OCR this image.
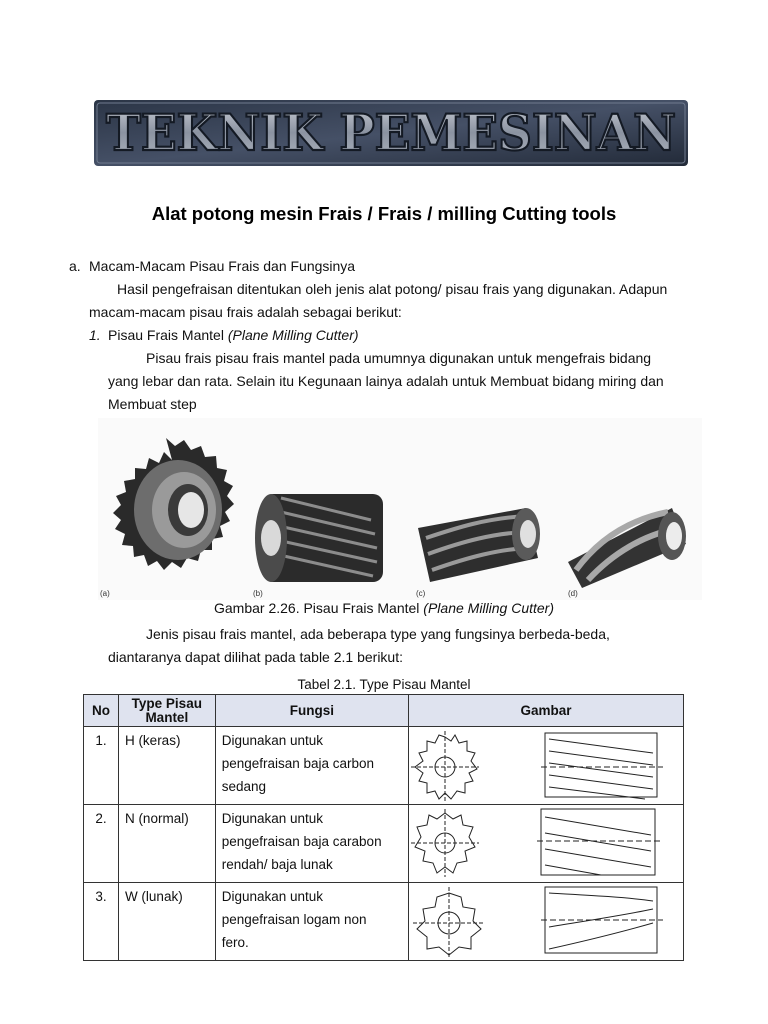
TEKNIK PEMESINAN
Alat potong mesin Frais / Frais / milling Cutting tools
a. Macam-Macam Pisau Frais dan Fungsinya
Hasil pengefraisan ditentukan oleh jenis alat potong/ pisau frais yang digunakan. Adapun
macam-macam pisau frais adalah sebagai berikut:
1. Pisau Frais Mantel (Plane Milling Cutter)
Pisau frais pisau frais mantel pada umumnya digunakan untuk mengefrais bidang
yang lebar dan rata. Selain itu Kegunaan lainya adalah untuk Membuat bidang miring dan
Membuat step
(a)	(b)	(c)	(d)
Gambar 2.26. Pisau Frais Mantel (Plane Milling Cutter)
Jenis pisau frais mantel, ada beberapa type yang fungsinya berbeda-beda,
diantaranya dapat dilihat pada table 2.1 berikut:
Tabel 2.1. Type Pisau Mantel
No	Type Pisau Mantel	Fungsi	Gambar
1.	H (keras)	Digunakan untuk
pengefraisan baja carbon
sedang

2.	N (normal)	Digunakan untuk
pengefraisan baja carabon
rendah/ baja lunak

3.	W (lunak)	Digunakan untuk
pengefraisan logam non
fero.
